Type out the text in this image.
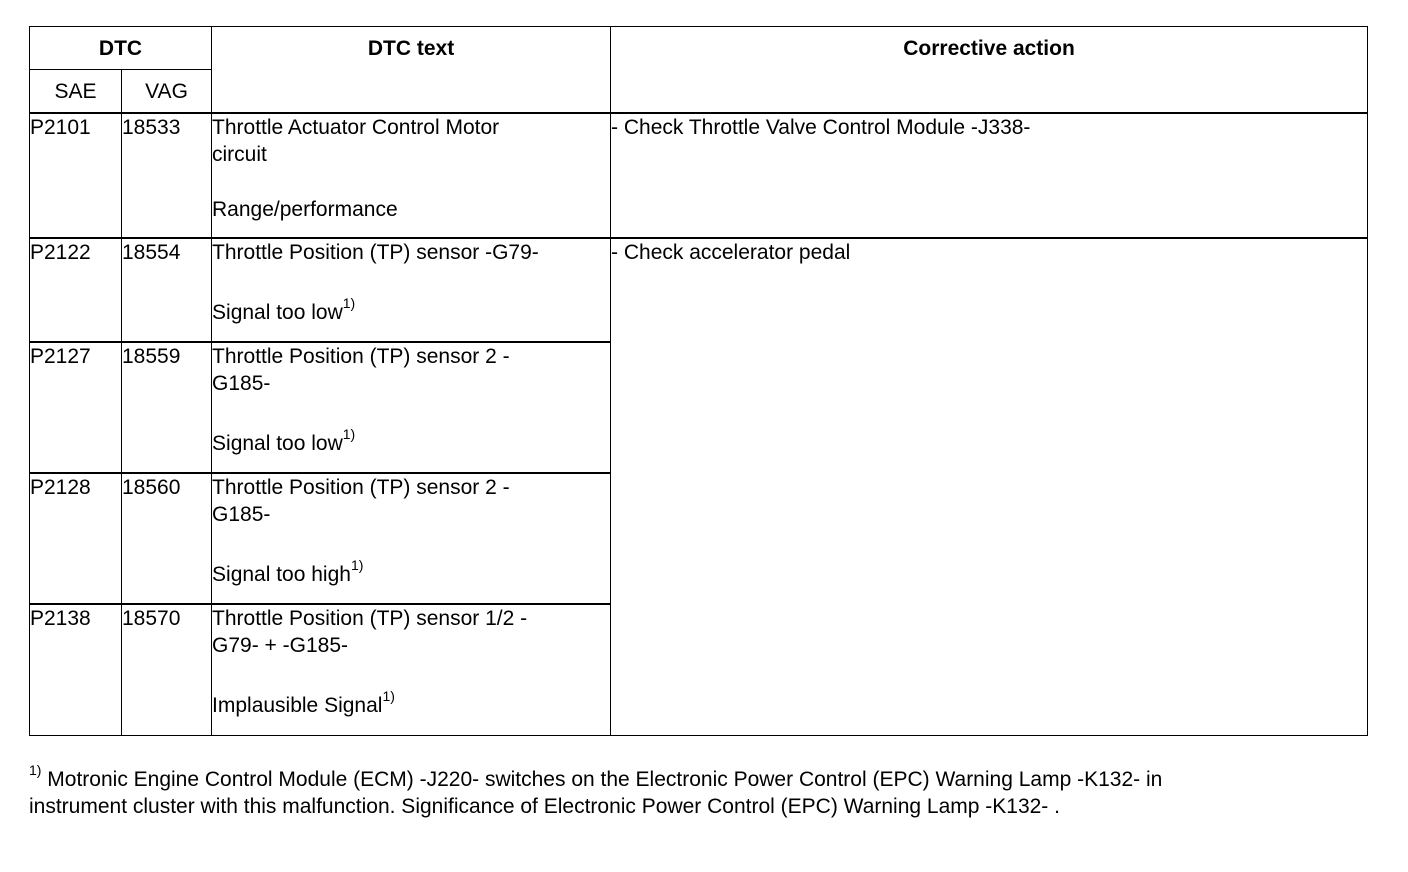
DTC		DTC text	Corrective action
SAE	VAG		
P2101	18533	Throttle Actuator Control Motor
circuit
Range/performance	- Check Throttle Valve Control Module -J338-
P2122	18554	Throttle Position (TP) sensor -G79-
Signal too low$^{1)}$	- Check accelerator pedal
P2127	18559	Throttle Position (TP) sensor 2 -
G185-
Signal too low$^{1)}$

P2128	18560	Throttle Position (TP) sensor 2 -
G185-
Signal too high$^{1)}$

P2138	18570	Throttle Position (TP) sensor 1/2 -
G79- + -G185-
Implausible Signal$^{1)}$
$^{1)}$ Motronic Engine Control Module (ECM) -J220- switches on the Electronic Power Control (EPC) Warning Lamp -K132- in
instrument cluster with this malfunction. Significance of Electronic Power Control (EPC) Warning Lamp -K132- .
